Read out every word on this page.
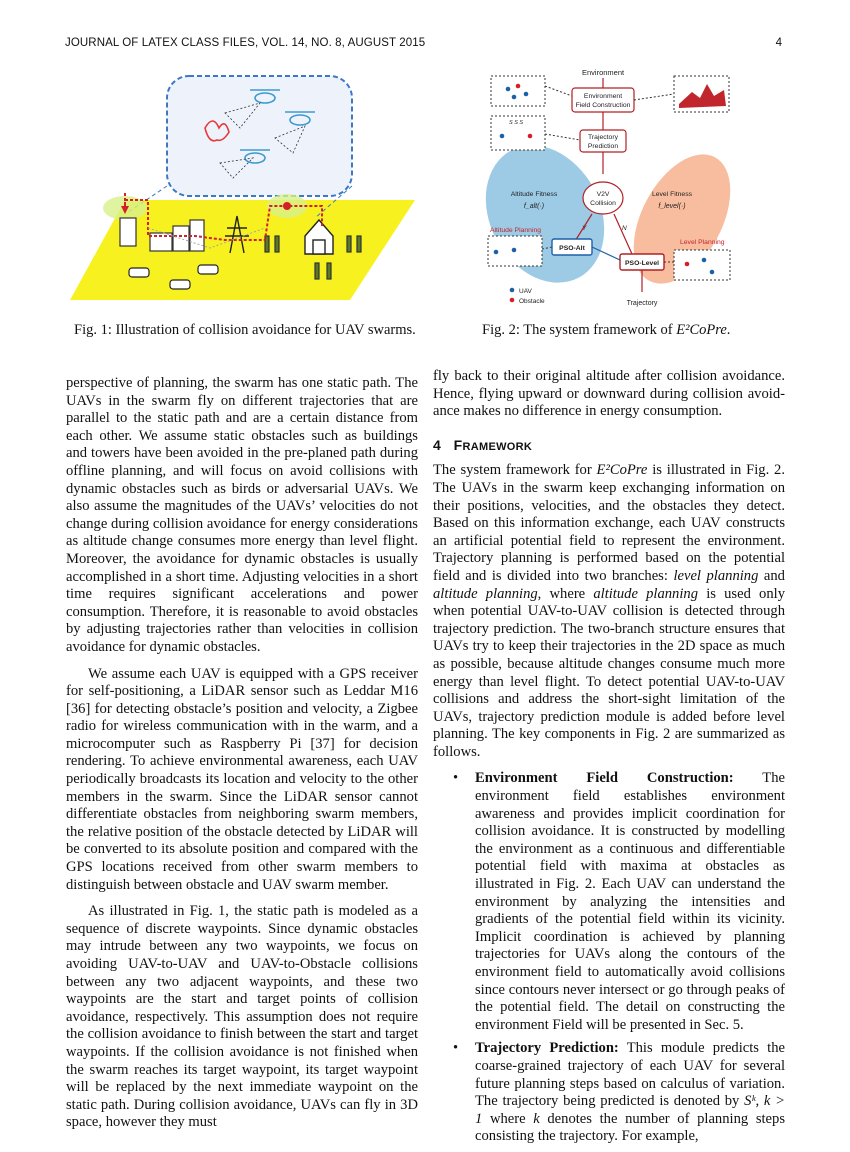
JOURNAL OF LATEX CLASS FILES, VOL. 14, NO. 8, AUGUST 2015	4
Environment
Environment
Field Construction
S S S
Trajectory
Prediction
Altitude Fitness
f_alt(·)
V2V
Collision
Level Fitness
f_level(·)
Y	N
Altitude Planning
PSO-Alt
Level Planning
PSO-Level
Trajectory
UAV
Obstacle
Fig. 1: Illustration of collision avoidance for UAV swarms.	Fig. 2: The system framework of E²CoPre.

perspective of planning, the swarm has one static path. The UAVs in the swarm fly on different trajectories that are parallel to the static path and are a certain distance from each other. We assume static obstacles such as buildings and towers have been avoided in the pre-planed path during offline planning, and will focus on avoid collisions with dynamic obstacles such as birds or adversarial UAVs. We also assume the magnitudes of the UAVs’ velocities do not change during collision avoidance for energy considerations as altitude change consumes more energy than level flight. Moreover, the avoidance for dynamic obstacles is usually accomplished in a short time. Adjusting velocities in a short time requires significant accelerations and power consumption. Therefore, it is reasonable to avoid obstacles by adjusting trajectories rather than velocities in collision avoidance for dynamic obstacles.

We assume each UAV is equipped with a GPS receiver for self-positioning, a LiDAR sensor such as Leddar M16 [36] for detecting obstacle’s position and velocity, a Zigbee radio for wireless communication with in the warm, and a microcomputer such as Raspberry Pi [37] for decision rendering. To achieve environmental awareness, each UAV periodically broadcasts its location and velocity to the other members in the swarm. Since the LiDAR sensor cannot differentiate obstacles from neighboring swarm members, the relative position of the obstacle detected by LiDAR will be converted to its absolute position and compared with the GPS locations received from other swarm members to distinguish between obstacle and UAV swarm member.

As illustrated in Fig. 1, the static path is modeled as a sequence of discrete waypoints. Since dynamic obstacles may intrude between any two waypoints, we focus on avoiding UAV-to-UAV and UAV-to-Obstacle collisions between any two adjacent waypoints, and these two waypoints are the start and target points of collision avoidance, respectively. This assumption does not require the collision avoidance to finish between the start and target waypoints. If the collision avoidance is not finished when the swarm reaches its target waypoint, its target waypoint will be replaced by the next immediate waypoint on the static path. During collision avoidance, UAVs can fly in 3D space, however they must

fly back to their original altitude after collision avoidance. Hence, flying upward or downward during collision avoidance makes no difference in energy consumption.

4 FRAMEWORK

The system framework for E²CoPre is illustrated in Fig. 2. The UAVs in the swarm keep exchanging information on their positions, velocities, and the obstacles they detect. Based on this information exchange, each UAV constructs an artificial potential field to represent the environment. Trajectory planning is performed based on the potential field and is divided into two branches: level planning and altitude planning, where altitude planning is used only when potential UAV-to-UAV collision is detected through trajectory prediction. The two-branch structure ensures that UAVs try to keep their trajectories in the 2D space as much as possible, because altitude changes consume much more energy than level flight. To detect potential UAV-to-UAV collisions and address the short-sight limitation of the UAVs, trajectory prediction module is added before level planning. The key components in Fig. 2 are summarized as follows.

• Environment Field Construction: The environment field establishes environment awareness and provides implicit coordination for collision avoidance. It is constructed by modelling the environment as a continuous and differentiable potential field with maxima at obstacles as illustrated in Fig. 2. Each UAV can understand the environment by analyzing the intensities and gradients of the potential field within its vicinity. Implicit coordination is achieved by planning trajectories for UAVs along the contours of the environment field to automatically avoid collisions since contours never intersect or go through peaks of the potential field. The detail on constructing the environment Field will be presented in Sec. 5.
• Trajectory Prediction: This module predicts the coarse-grained trajectory of each UAV for several future planning steps based on calculus of variation. The trajectory being predicted is denoted by Sᵏ, k > 1 where k denotes the number of planning steps consisting the trajectory. For example,
